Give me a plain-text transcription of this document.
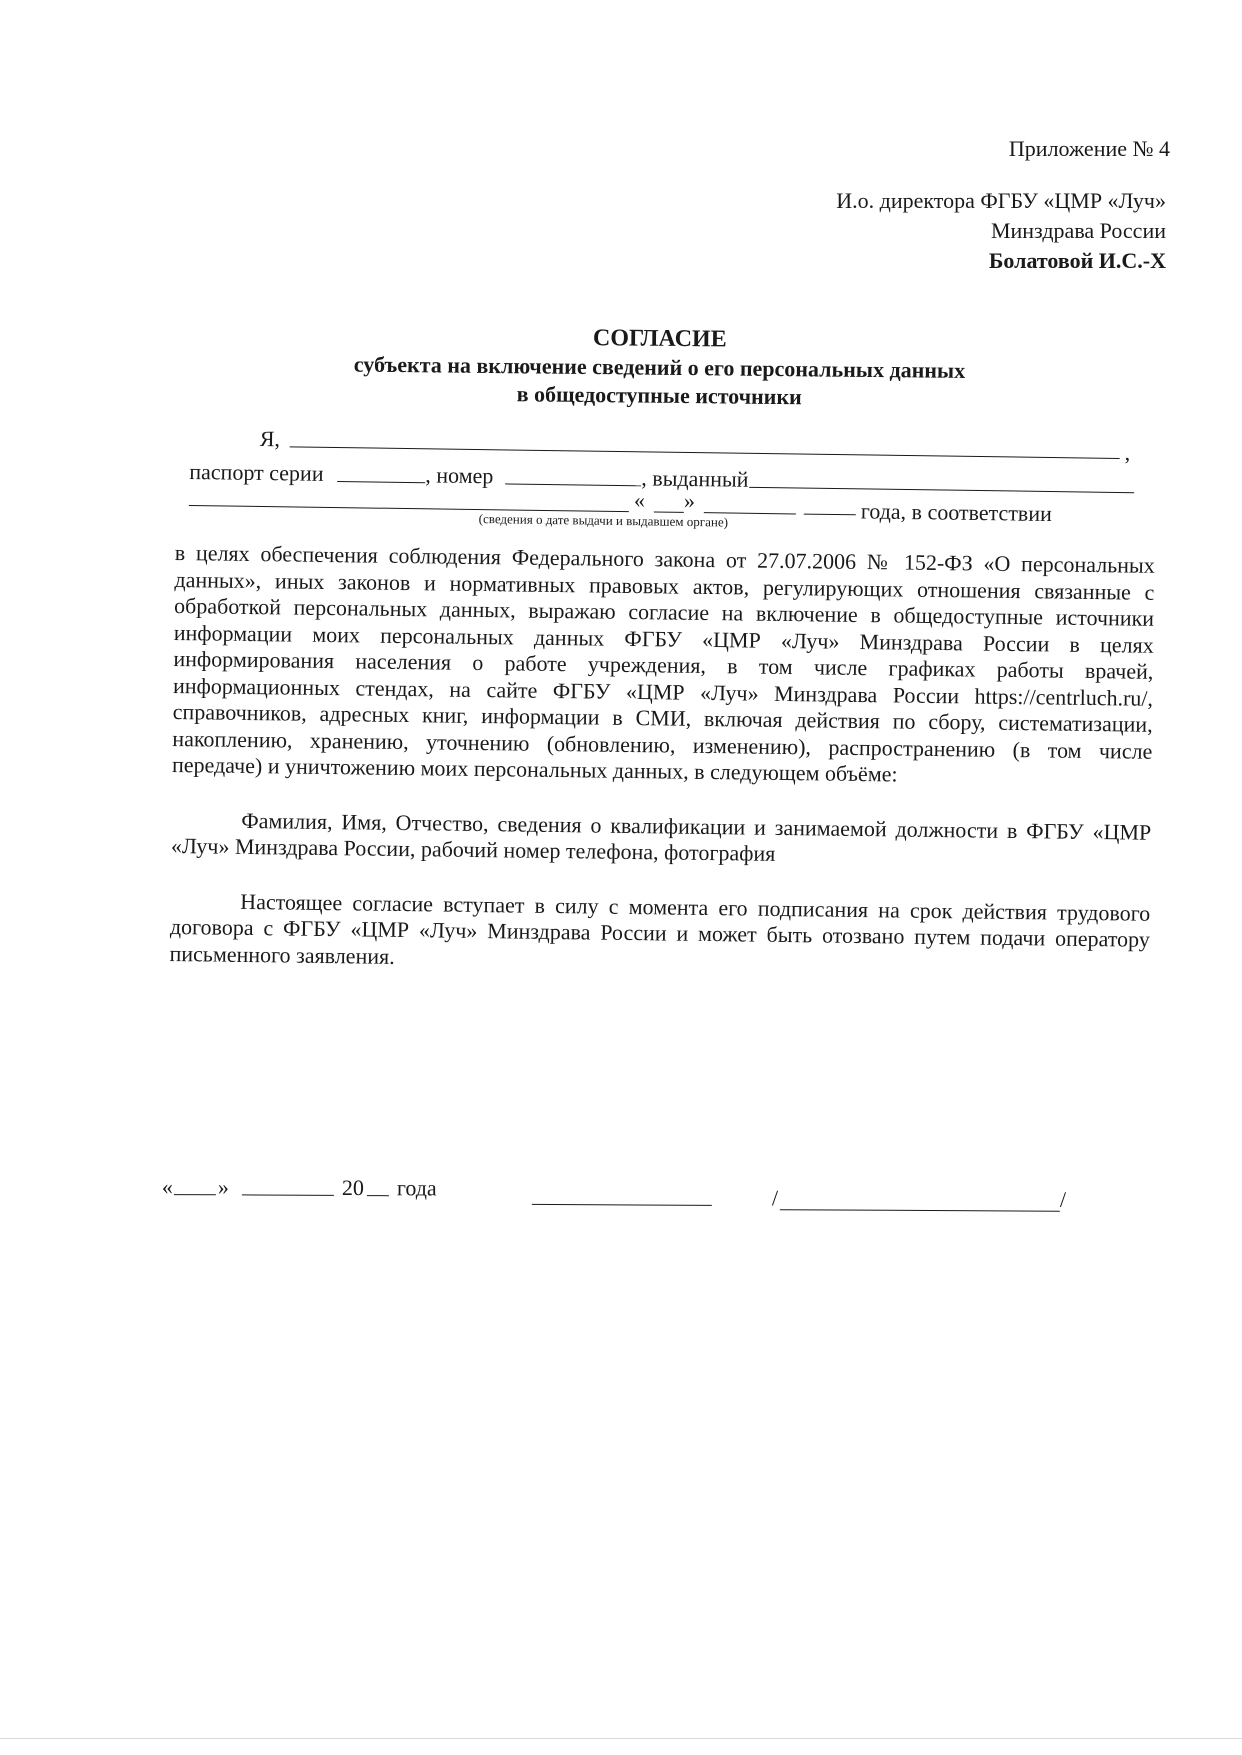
Приложение № 4
И.о. директора ФГБУ «ЦМР «Луч»
Минздрава России
Болатовой И.С.-Х
СОГЛАСИЕ
субъекта на включение сведений о его персональных данных
в общедоступные источники
Я,
,
паспорт серии	, номер	, выданный
« »	года, в соответствии
(сведения о дате выдачи и выдавшем органе)

в целях обеспечения соблюдения Федерального закона от 27.07.2006 № 152-ФЗ «О персональных данных», иных законов и нормативных правовых актов, регулирующих отношения связанные с обработкой персональных данных, выражаю согласие на включение в общедоступные источники информации моих персональных данных ФГБУ «ЦМР «Луч» Минздрава России в целях информирования населения о работе учреждения, в том числе графиках работы врачей, информационных стендах, на сайте ФГБУ «ЦМР «Луч» Минздрава России https://centrluch.ru/, справочников, адресных книг, информации в СМИ, включая действия по сбору, систематизации, накоплению, хранению, уточнению (обновлению, изменению), распространению (в том числе передаче) и уничтожению моих персональных данных, в следующем объёме:

Фамилия, Имя, Отчество, сведения о квалификации и занимаемой должности в ФГБУ «ЦМР «Луч» Минздрава России, рабочий номер телефона, фотография

Настоящее согласие вступает в силу с момента его подписания на срок действия трудового договора с ФГБУ «ЦМР «Луч» Минздрава России и может быть отозвано путем подачи оператору письменного заявления.

« »	20 года	/	/
